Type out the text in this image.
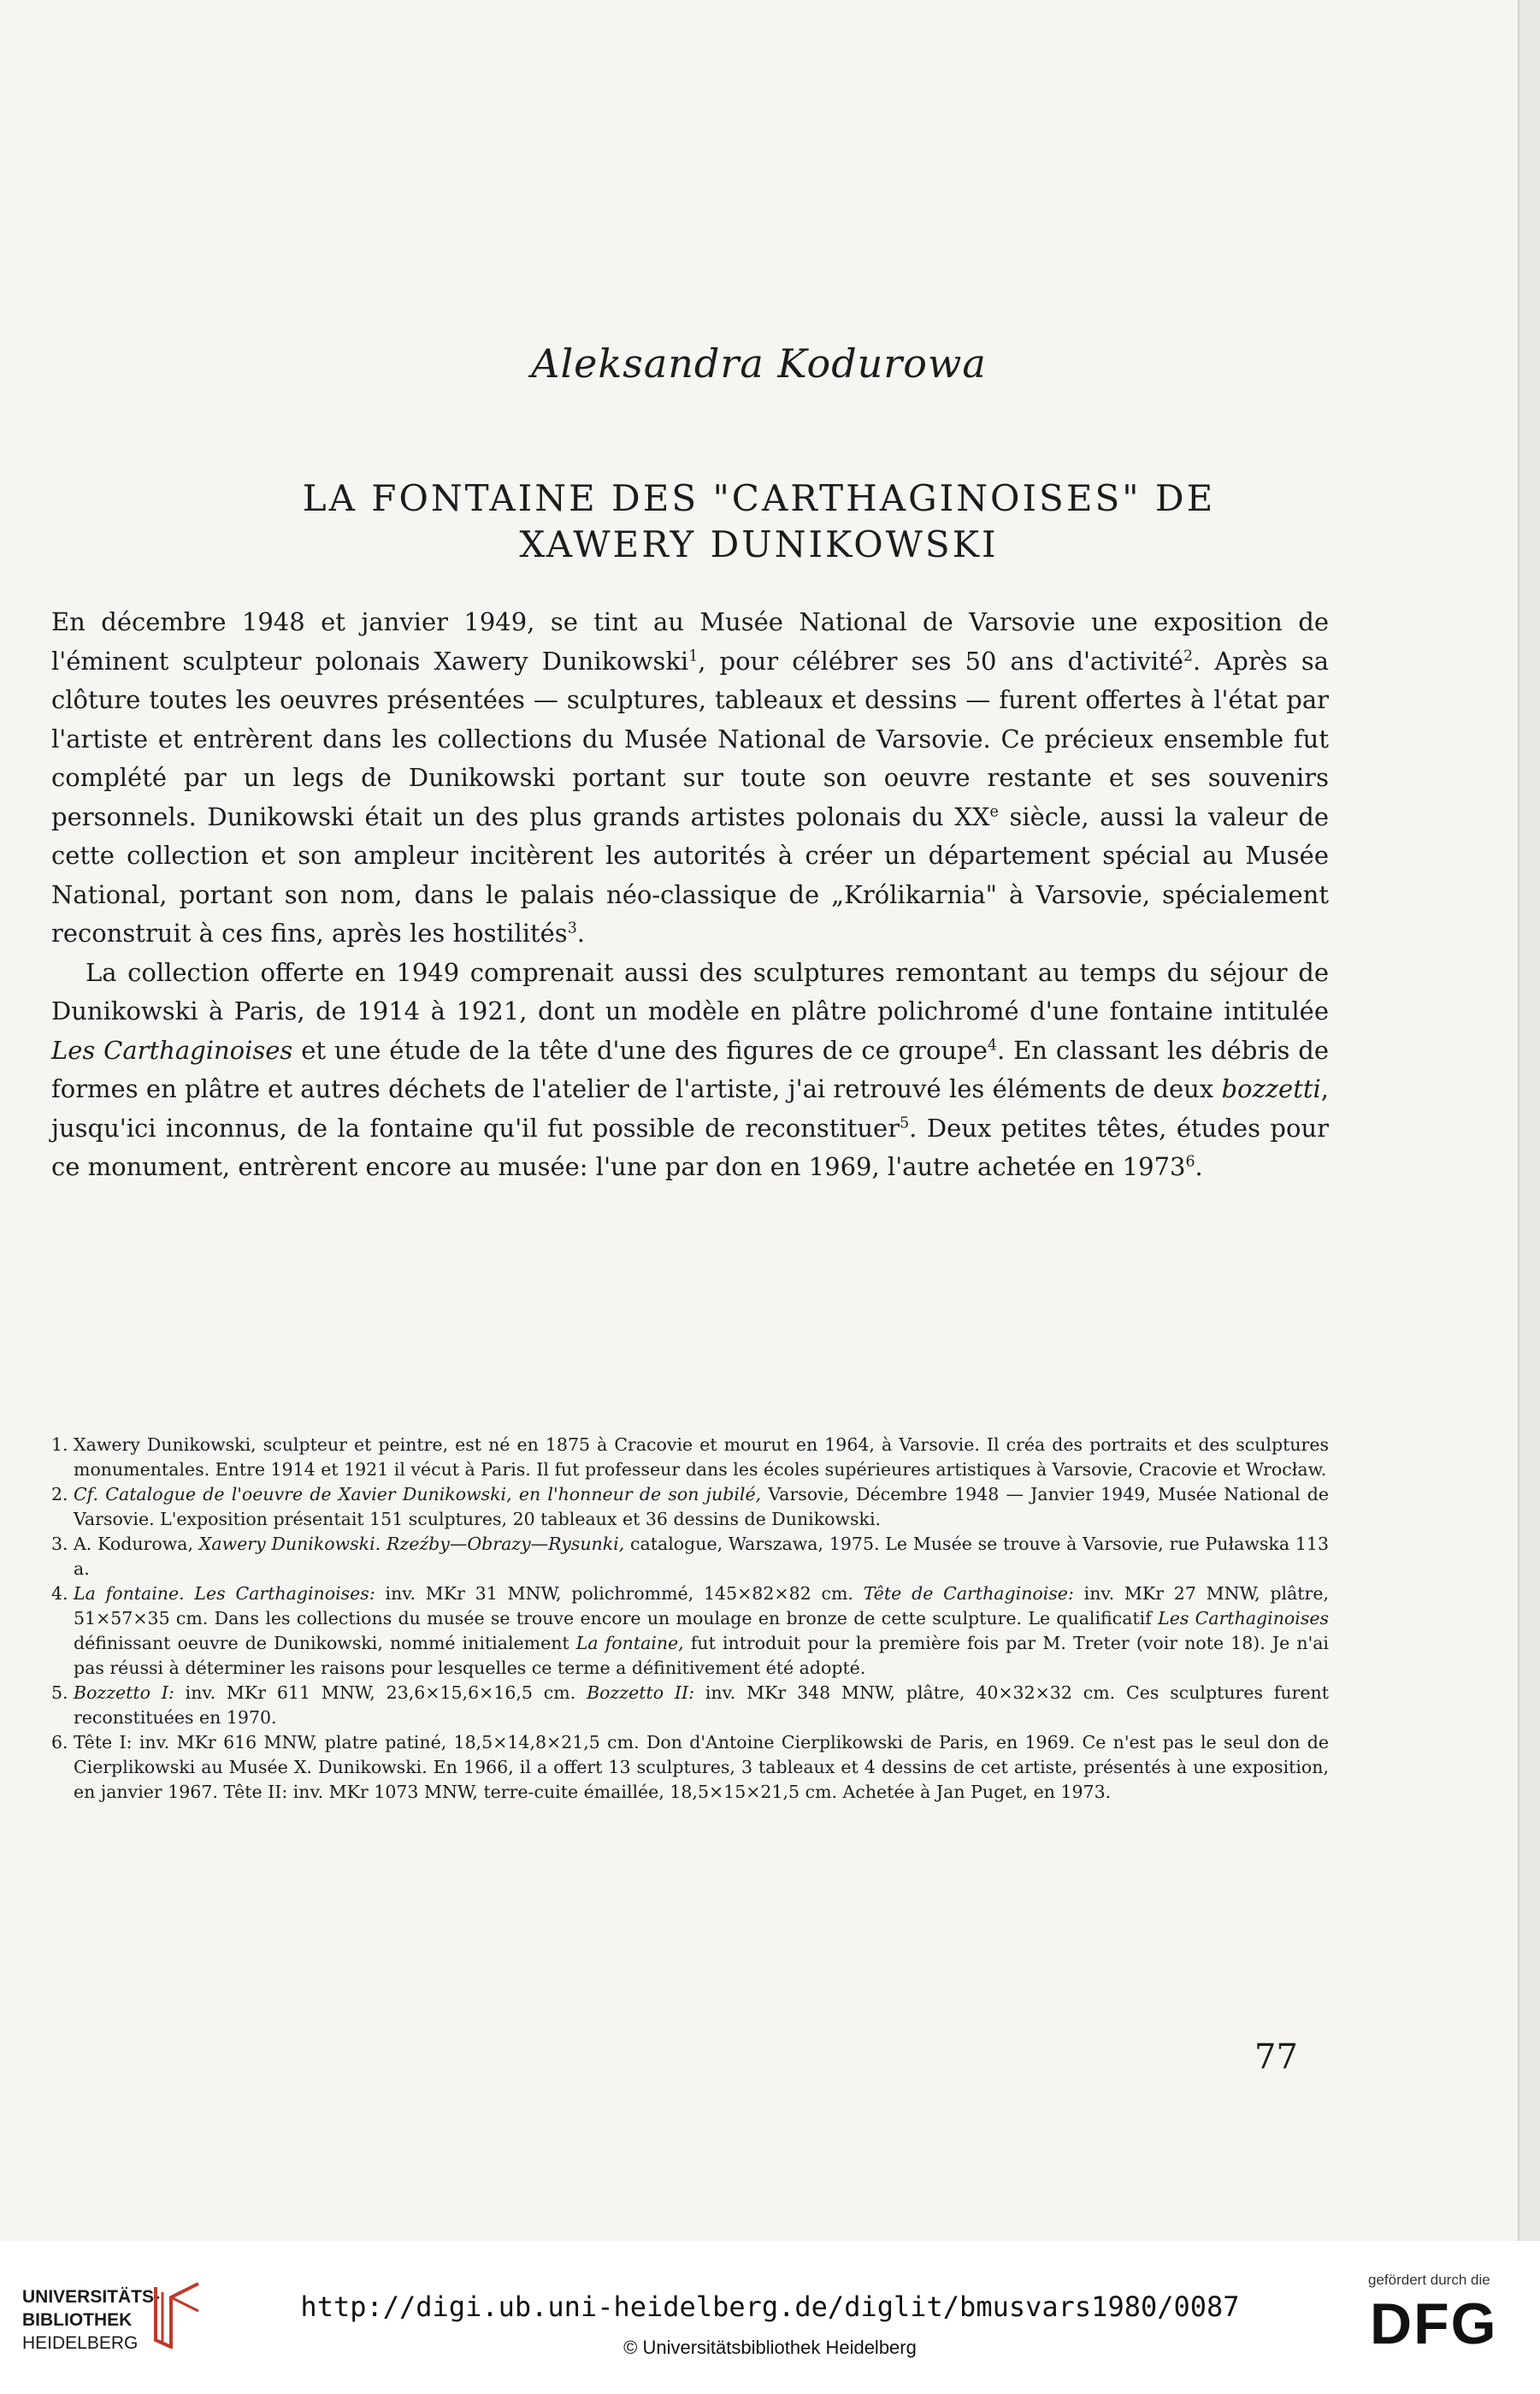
Aleksandra Kodurowa
LA FONTAINE DES "CARTHAGINOISES" DE
XAWERY DUNIKOWSKI

En décembre 1948 et janvier 1949, se tint au Musée National de Varsovie une exposition de l'éminent sculpteur polonais Xawery Dunikowski$^1$, pour célébrer ses 50 ans d'activité$^2$. Après sa clôture toutes les oeuvres présentées — sculptures, tableaux et dessins — furent offertes à l'état par l'artiste et entrèrent dans les collections du Musée National de Varsovie. Ce précieux ensemble fut complété par un legs de Dunikowski portant sur toute son oeuvre restante et ses souvenirs personnels. Dunikowski était un des plus grands artistes polonais du XXe siècle, aussi la valeur de cette collection et son ampleur incitèrent les autorités à créer un département spécial au Musée National, portant son nom, dans le palais néo-classique de „Królikarnia" à Varsovie, spécialement reconstruit à ces fins, après les hostilités$^3$.

La collection offerte en 1949 comprenait aussi des sculptures remontant au temps du séjour de Dunikowski à Paris, de 1914 à 1921, dont un modèle en plâtre polichromé d'une fontaine intitulée Les Carthaginoises et une étude de la tête d'une des figures de ce groupe$^4$. En classant les débris de formes en plâtre et autres déchets de l'atelier de l'artiste, j'ai retrouvé les éléments de deux bozzetti, jusqu'ici inconnus, de la fontaine qu'il fut possible de reconstituer$^5$. Deux petites têtes, études pour ce monument, entrèrent encore au musée: l'une par don en 1969, l'autre achetée en 1973$^6$.

1. Xawery Dunikowski, sculpteur et peintre, est né en 1875 à Cracovie et mourut en 1964, à Varsovie. Il créa des portraits et des sculptures monumentales. Entre 1914 et 1921 il vécut à Paris. Il fut professeur dans les écoles supérieures artistiques à Varsovie, Cracovie et Wrocław.

2. Cf. Catalogue de l'oeuvre de Xavier Dunikowski, en l'honneur de son jubilé, Varsovie, Décembre 1948 — Janvier 1949, Musée National de Varsovie. L'exposition présentait 151 sculptures, 20 tableaux et 36 dessins de Dunikowski.

3. A. Kodurowa, Xawery Dunikowski. Rzeźby—Obrazy—Rysunki, catalogue, Warszawa, 1975. Le Musée se trouve à Varsovie, rue Puławska 113 a.

4. La fontaine. Les Carthaginoises: inv. MKr 31 MNW, polichrommé, 145×82×82 cm. Tête de Carthaginoise: inv. MKr 27 MNW, plâtre, 51×57×35 cm. Dans les collections du musée se trouve encore un moulage en bronze de cette sculpture. Le qualificatif Les Carthaginoises définissant oeuvre de Dunikowski, nommé initialement La fontaine, fut introduit pour la première fois par M. Treter (voir note 18). Je n'ai pas réussi à déterminer les raisons pour lesquelles ce terme a définitivement été adopté.

5. Bozzetto I: inv. MKr 611 MNW, 23,6×15,6×16,5 cm. Bozzetto II: inv. MKr 348 MNW, plâtre, 40×32×32 cm. Ces sculptures furent reconstituées en 1970.

6. Tête I: inv. MKr 616 MNW, platre patiné, 18,5×14,8×21,5 cm. Don d'Antoine Cierplikowski de Paris, en 1969. Ce n'est pas le seul don de Cierplikowski au Musée X. Dunikowski. En 1966, il a offert 13 sculptures, 3 tableaux et 4 dessins de cet artiste, présentés à une exposition, en janvier 1967. Tête II: inv. MKr 1073 MNW, terre-cuite émaillée, 18,5×15×21,5 cm. Achetée à Jan Puget, en 1973.

77
UNIVERSITÄTS-
BIBLIOTHEK
HEIDELBERG
http://digi.ub.uni-heidelberg.de/diglit/bmusvars1980/0087
© Universitätsbibliothek Heidelberg
gefördert durch die
DFG
